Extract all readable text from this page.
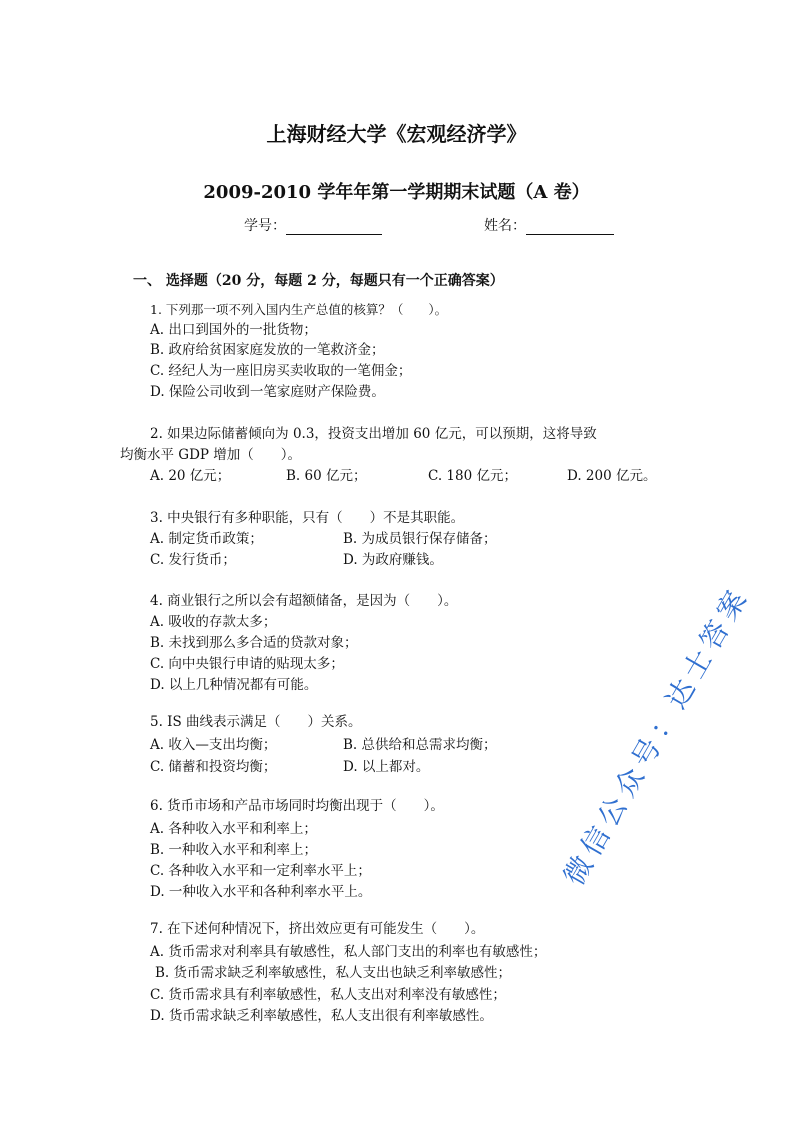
上海财经大学《宏观经济学》
2009-2010 学年年第一学期期末试题（A 卷）
学号：	姓名：
一、 选择题（20 分，每题 2 分，每题只有一个正确答案）
1. 下列那一项不列入国内生产总值的核算？（　　）。
A. 出口到国外的一批货物；
B. 政府给贫困家庭发放的一笔救济金；
C. 经纪人为一座旧房买卖收取的一笔佣金；
D. 保险公司收到一笔家庭财产保险费。
2. 如果边际储蓄倾向为 0.3，投资支出增加 60 亿元，可以预期，这将导致
均衡水平 GDP 增加（　　）。
A. 20 亿元；	B. 60 亿元；	C. 180 亿元；	D. 200 亿元。
3. 中央银行有多种职能，只有（　　）不是其职能。
A. 制定货币政策；	B. 为成员银行保存储备；
C. 发行货币；	D. 为政府赚钱。
4. 商业银行之所以会有超额储备，是因为（　　）。
A. 吸收的存款太多；
B. 未找到那么多合适的贷款对象；
C. 向中央银行申请的贴现太多；
D. 以上几种情况都有可能。
5. IS 曲线表示满足（　　）关系。
A. 收入—支出均衡；	B. 总供给和总需求均衡；
C. 储蓄和投资均衡；	D. 以上都对。
6. 货币市场和产品市场同时均衡出现于（　　）。
A. 各种收入水平和利率上；
B. 一种收入水平和利率上；
C. 各种收入水平和一定利率水平上；
D. 一种收入水平和各种利率水平上。
7. 在下述何种情况下，挤出效应更有可能发生（　　）。
A. 货币需求对利率具有敏感性，私人部门支出的利率也有敏感性；
B. 货币需求缺乏利率敏感性，私人支出也缺乏利率敏感性；
C. 货币需求具有利率敏感性，私人支出对利率没有敏感性；
D. 货币需求缺乏利率敏感性，私人支出很有利率敏感性。
微信公众号：达士答案
